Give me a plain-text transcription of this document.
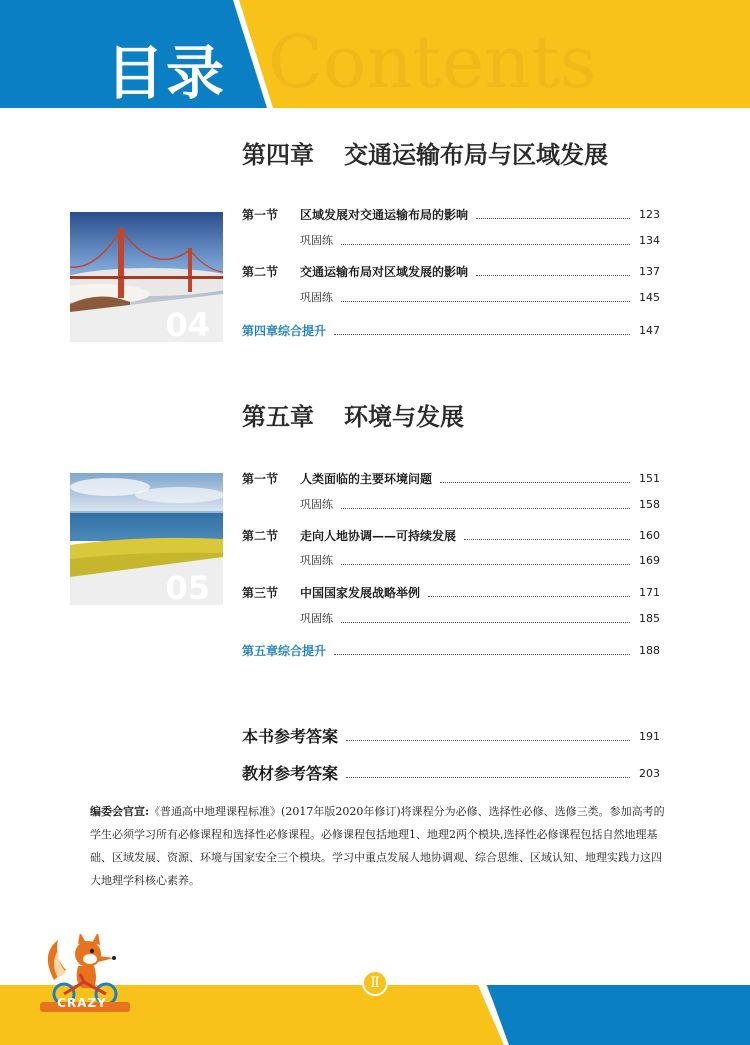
Contents
目录
第四章 交通运输布局与区域发展
04
第一节	区域发展对交通运输布局的影响	123
巩固练	134
第二节	交通运输布局对区域发展的影响	137
巩固练	145
第四章综合提升	147
第五章 环境与发展
05
第一节	人类面临的主要环境问题	151
巩固练	158
第二节	走向人地协调——可持续发展	160
巩固练	169
第三节	中国国家发展战略举例	171
巩固练	185
第五章综合提升	188
本书参考答案	191
教材参考答案	203
编委会官宣:《普通高中地理课程标准》(2017年版2020年修订)将课程分为必修、选择性必修、选修三类。参加高考的学生必须学习所有必修课程和选择性必修课程。必修课程包括地理1、地理2两个模块,选择性必修课程包括自然地理基础、区域发展、资源、环境与国家安全三个模块。学习中重点发展人地协调观、综合思维、区域认知、地理实践力这四大地理学科核心素养。
Ⅱ
CRAZY
